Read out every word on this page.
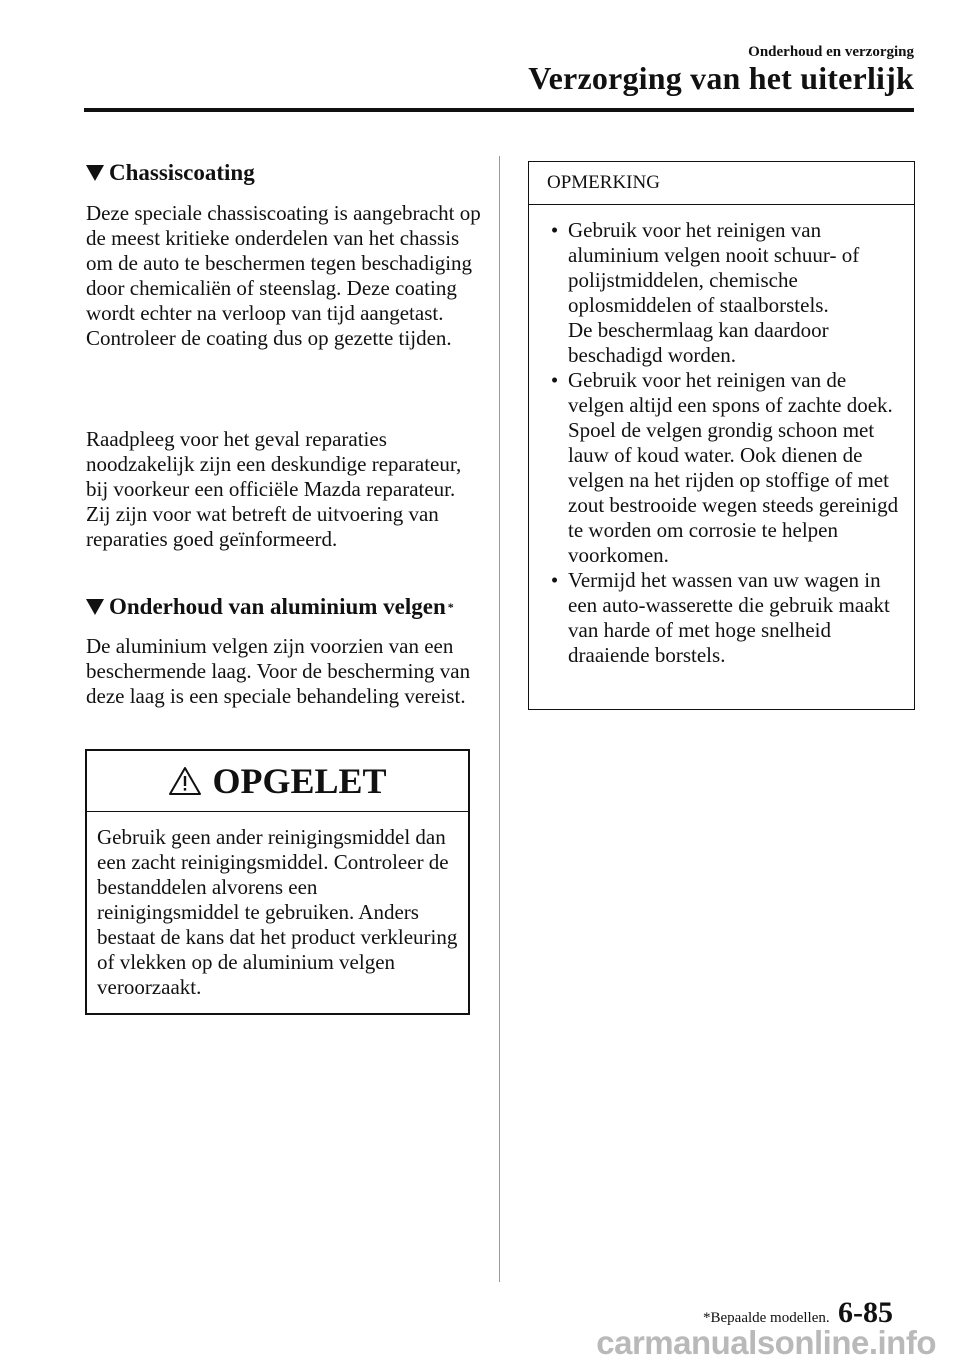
Onderhoud en verzorging
Verzorging van het uiterlijk
Chassiscoating
Deze speciale chassiscoating is aangebracht op de meest kritieke onderdelen van het chassis om de auto te beschermen tegen beschadiging door chemicaliën of steenslag. Deze coating wordt echter na verloop van tijd aangetast. Controleer de coating dus op gezette tijden.
Raadpleeg voor het geval reparaties noodzakelijk zijn een deskundige reparateur, bij voorkeur een officiële Mazda reparateur. Zij zijn voor wat betreft de uitvoering van reparaties goed geïnformeerd.
Onderhoud van aluminium velgen *
De aluminium velgen zijn voorzien van een beschermende laag. Voor de bescherming van deze laag is een speciale behandeling vereist.
OPGELET
Gebruik geen ander reinigingsmiddel dan een zacht reinigingsmiddel. Controleer de bestanddelen alvorens een reinigingsmiddel te gebruiken. Anders bestaat de kans dat het product verkleuring of vlekken op de aluminium velgen veroorzaakt.
OPMERKING
• Gebruik voor het reinigen van aluminium velgen nooit schuur- of polijstmiddelen, chemische oplosmiddelen of staalborstels.
De beschermlaag kan daardoor beschadigd worden.
• Gebruik voor het reinigen van de velgen altijd een spons of zachte doek.
Spoel de velgen grondig schoon met lauw of koud water. Ook dienen de velgen na het rijden op stoffige of met zout bestrooide wegen steeds gereinigd te worden om corrosie te helpen voorkomen.
• Vermijd het wassen van uw wagen in een auto-wasserette die gebruik maakt van harde of met hoge snelheid draaiende borstels.
*Bepaalde modellen. 6-85
carmanualsonline.info
